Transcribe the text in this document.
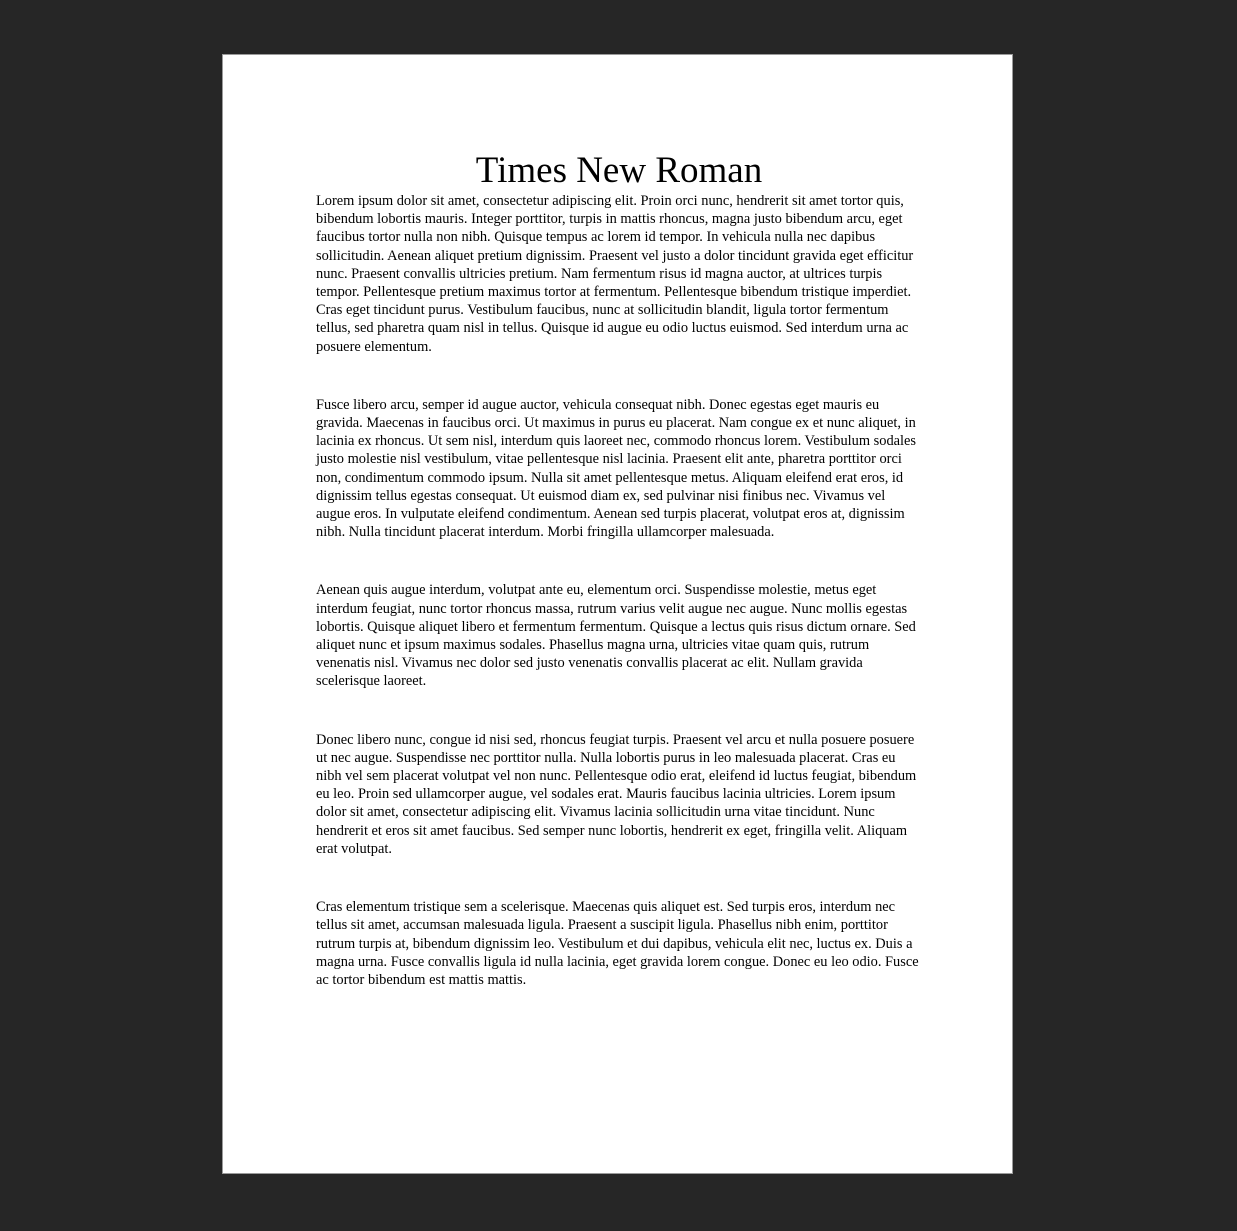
Times New Roman

Lorem ipsum dolor sit amet, consectetur adipiscing elit. Proin orci nunc, hendrerit sit amet tortor quis, bibendum lobortis mauris. Integer porttitor, turpis in mattis rhoncus, magna justo bibendum arcu, eget faucibus tortor nulla non nibh. Quisque tempus ac lorem id tempor. In vehicula nulla nec dapibus sollicitudin. Aenean aliquet pretium dignissim. Praesent vel justo a dolor tincidunt gravida eget efficitur nunc. Praesent convallis ultricies pretium. Nam fermentum risus id magna auctor, at ultrices turpis tempor. Pellentesque pretium maximus tortor at fermentum. Pellentesque bibendum tristique imperdiet. Cras eget tincidunt purus. Vestibulum faucibus, nunc at sollicitudin blandit, ligula tortor fermentum tellus, sed pharetra quam nisl in tellus. Quisque id augue eu odio luctus euismod. Sed interdum urna ac posuere elementum.

Fusce libero arcu, semper id augue auctor, vehicula consequat nibh. Donec egestas eget mauris eu gravida. Maecenas in faucibus orci. Ut maximus in purus eu placerat. Nam congue ex et nunc aliquet, in lacinia ex rhoncus. Ut sem nisl, interdum quis laoreet nec, commodo rhoncus lorem. Vestibulum sodales justo molestie nisl vestibulum, vitae pellentesque nisl lacinia. Praesent elit ante, pharetra porttitor orci non, condimentum commodo ipsum. Nulla sit amet pellentesque metus. Aliquam eleifend erat eros, id dignissim tellus egestas consequat. Ut euismod diam ex, sed pulvinar nisi finibus nec. Vivamus vel augue eros. In vulputate eleifend condimentum. Aenean sed turpis placerat, volutpat eros at, dignissim nibh. Nulla tincidunt placerat interdum. Morbi fringilla ullamcorper malesuada.

Aenean quis augue interdum, volutpat ante eu, elementum orci. Suspendisse molestie, metus eget interdum feugiat, nunc tortor rhoncus massa, rutrum varius velit augue nec augue. Nunc mollis egestas lobortis. Quisque aliquet libero et fermentum fermentum. Quisque a lectus quis risus dictum ornare. Sed aliquet nunc et ipsum maximus sodales. Phasellus magna urna, ultricies vitae quam quis, rutrum venenatis nisl. Vivamus nec dolor sed justo venenatis convallis placerat ac elit. Nullam gravida scelerisque laoreet.

Donec libero nunc, congue id nisi sed, rhoncus feugiat turpis. Praesent vel arcu et nulla posuere posuere ut nec augue. Suspendisse nec porttitor nulla. Nulla lobortis purus in leo malesuada placerat. Cras eu nibh vel sem placerat volutpat vel non nunc. Pellentesque odio erat, eleifend id luctus feugiat, bibendum eu leo. Proin sed ullamcorper augue, vel sodales erat. Mauris faucibus lacinia ultricies. Lorem ipsum dolor sit amet, consectetur adipiscing elit. Vivamus lacinia sollicitudin urna vitae tincidunt. Nunc hendrerit et eros sit amet faucibus. Sed semper nunc lobortis, hendrerit ex eget, fringilla velit. Aliquam erat volutpat.

Cras elementum tristique sem a scelerisque. Maecenas quis aliquet est. Sed turpis eros, interdum nec tellus sit amet, accumsan malesuada ligula. Praesent a suscipit ligula. Phasellus nibh enim, porttitor rutrum turpis at, bibendum dignissim leo. Vestibulum et dui dapibus, vehicula elit nec, luctus ex. Duis a magna urna. Fusce convallis ligula id nulla lacinia, eget gravida lorem congue. Donec eu leo odio. Fusce ac tortor bibendum est mattis mattis.
